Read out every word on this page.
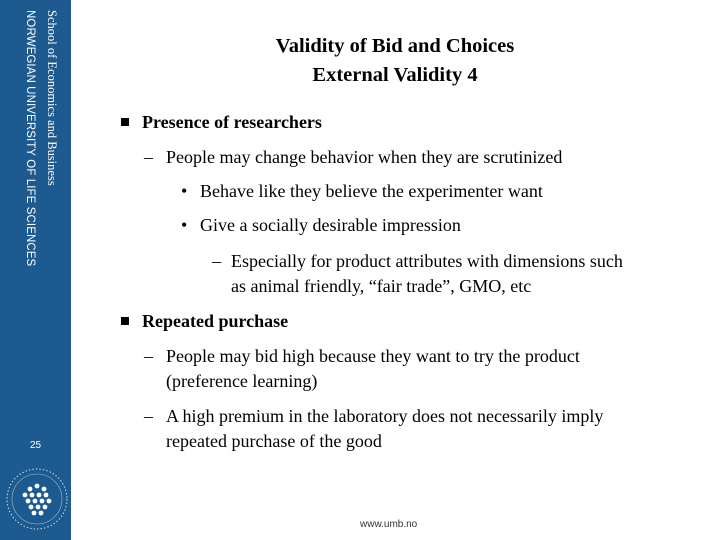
School of Economics and Business
NORWEGIAN UNIVERSITY OF LIFE SCIENCES
25
Validity of Bid and Choices
External Validity 4
Presence of researchers
– People may change behavior when they are scrutinized
• Behave like they believe the experimenter want
• Give a socially desirable impression
– Especially for product attributes with dimensions such
as animal friendly, “fair trade”, GMO, etc
Repeated purchase
– People may bid high because they want to try the product
(preference learning)
– A high premium in the laboratory does not necessarily imply
repeated purchase of the good
www.umb.no
